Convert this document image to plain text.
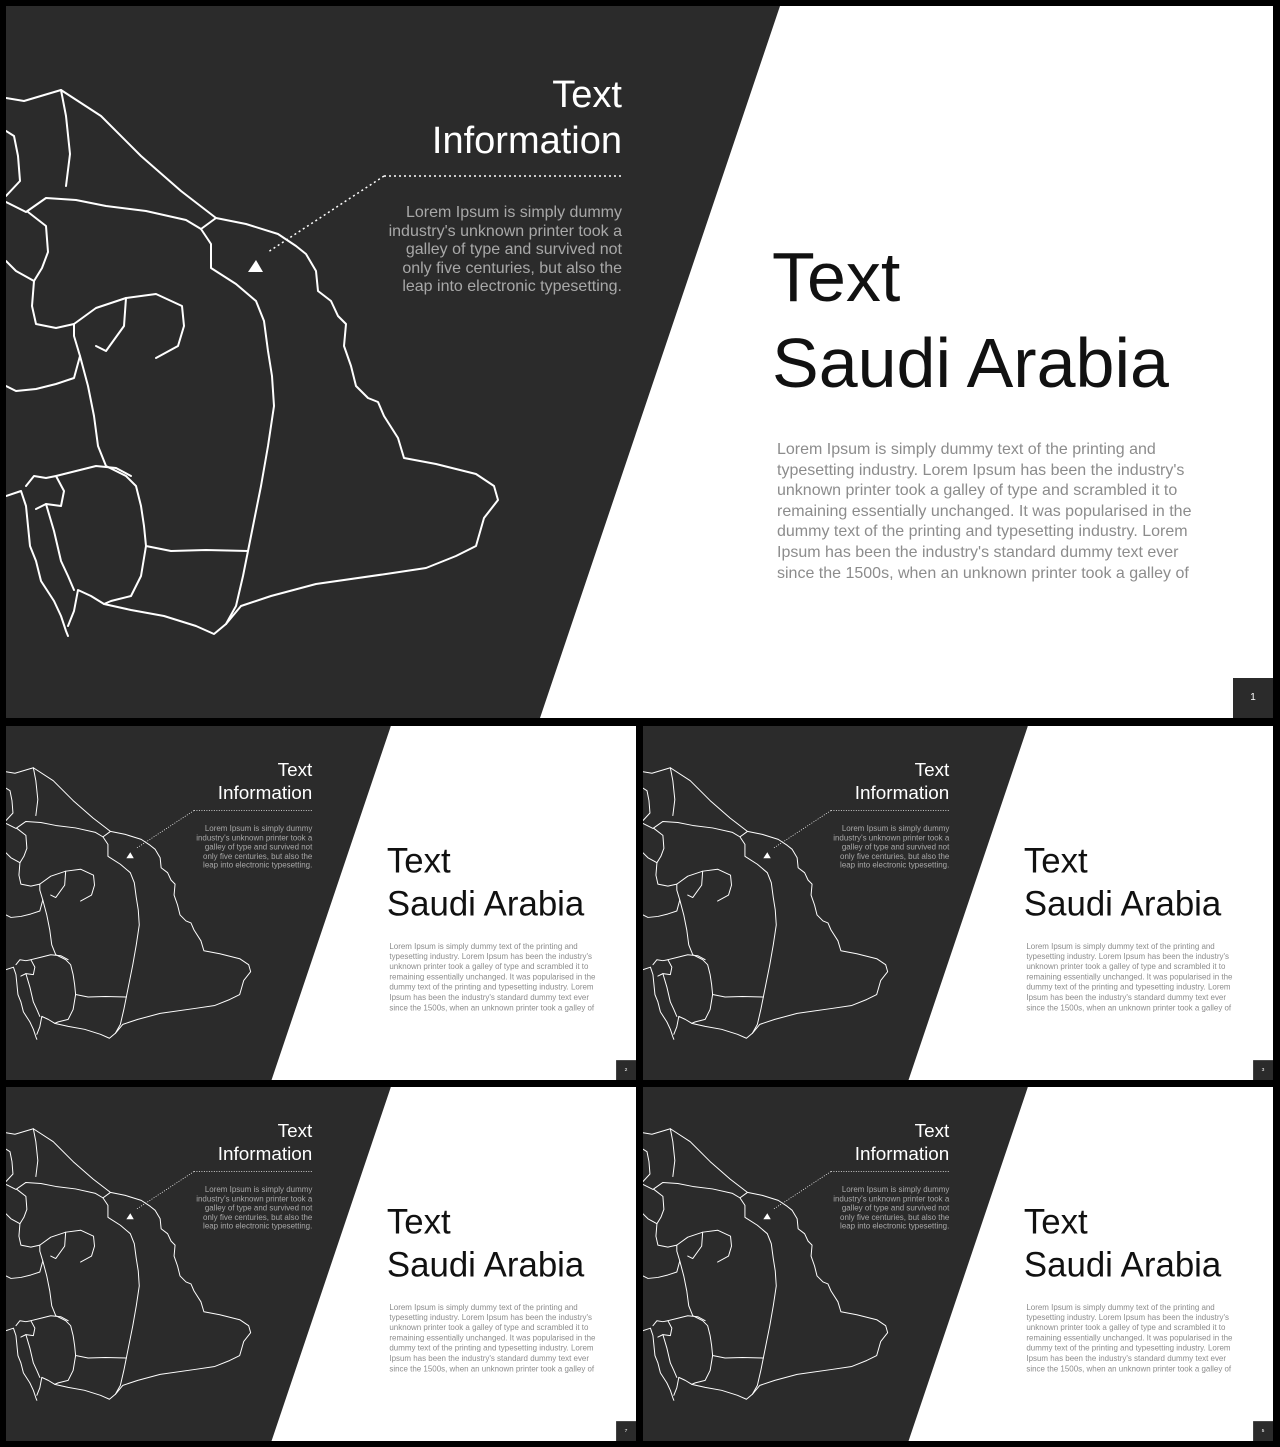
Text
Information
Lorem Ipsum is simply dummy industry's unknown printer took a galley of type and survived not only five centuries, but also the leap into electronic typesetting. Text
Saudi Arabia
Lorem Ipsum is simply dummy text of the printing and typesetting industry. Lorem Ipsum has been the industry's unknown printer took a galley of type and scrambled it to remaining essentially unchanged. It was popularised in the dummy text of the printing and typesetting industry. Lorem Ipsum has been the industry's standard dummy text ever since the 1500s, when an unknown printer took a galley of
1
Text
Information
Lorem Ipsum is simply dummy industry's unknown printer took a galley of type and survived not only five centuries, but also the leap into electronic typesetting. Text
Saudi Arabia
Lorem Ipsum is simply dummy text of the printing and typesetting industry. Lorem Ipsum has been the industry's unknown printer took a galley of type and scrambled it to remaining essentially unchanged. It was popularised in the dummy text of the printing and typesetting industry. Lorem Ipsum has been the industry's standard dummy text ever since the 1500s, when an unknown printer took a galley of
2
Text
Information
Lorem Ipsum is simply dummy industry's unknown printer took a galley of type and survived not only five centuries, but also the leap into electronic typesetting. Text
Saudi Arabia
Lorem Ipsum is simply dummy text of the printing and typesetting industry. Lorem Ipsum has been the industry's unknown printer took a galley of type and scrambled it to remaining essentially unchanged. It was popularised in the dummy text of the printing and typesetting industry. Lorem Ipsum has been the industry's standard dummy text ever since the 1500s, when an unknown printer took a galley of
3
Text
Information
Lorem Ipsum is simply dummy industry's unknown printer took a galley of type and survived not only five centuries, but also the leap into electronic typesetting. Text
Saudi Arabia
Lorem Ipsum is simply dummy text of the printing and typesetting industry. Lorem Ipsum has been the industry's unknown printer took a galley of type and scrambled it to remaining essentially unchanged. It was popularised in the dummy text of the printing and typesetting industry. Lorem Ipsum has been the industry's standard dummy text ever since the 1500s, when an unknown printer took a galley of
7
Text
Information
Lorem Ipsum is simply dummy industry's unknown printer took a galley of type and survived not only five centuries, but also the leap into electronic typesetting. Text
Saudi Arabia
Lorem Ipsum is simply dummy text of the printing and typesetting industry. Lorem Ipsum has been the industry's unknown printer took a galley of type and scrambled it to remaining essentially unchanged. It was popularised in the dummy text of the printing and typesetting industry. Lorem Ipsum has been the industry's standard dummy text ever since the 1500s, when an unknown printer took a galley of
5
